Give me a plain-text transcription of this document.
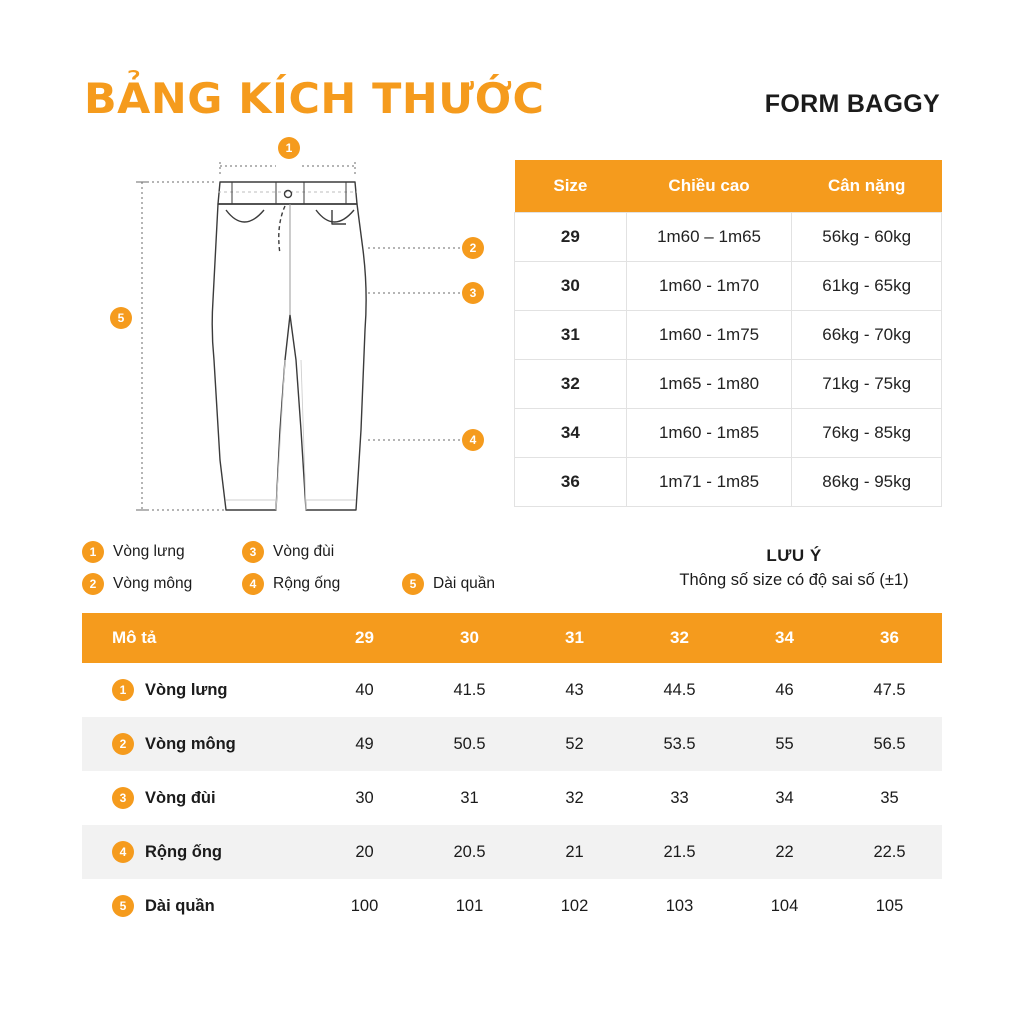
BẢNG KÍCH THƯỚC	FORM BAGGY
1
2
3
4
5
Size	Chiều cao	Cân nặng
29	1m60 – 1m65	56kg - 60kg
30	1m60 - 1m70	61kg - 65kg
31	1m60 - 1m75	66kg - 70kg
32	1m65 - 1m80	71kg - 75kg
34	1m60 - 1m85	76kg - 85kg
36	1m71 - 1m85	86kg - 95kg
1	Vòng lưng	3	Vòng đùi
5	Dài quần
2	Vòng mông	4	Rộng ống
LƯU Ý
Thông số size có độ sai số (±1)
Mô tả	29	30	31	32	34	36

1 Vòng lưng	40	41.5	43	44.5	46	47.5

2 Vòng mông	49	50.5	52	53.5	55	56.5

3 Vòng đùi	30	31	32	33	34	35

4 Rộng ống	20	20.5	21	21.5	22	22.5

5 Dài quần	100	101	102	103	104	105
